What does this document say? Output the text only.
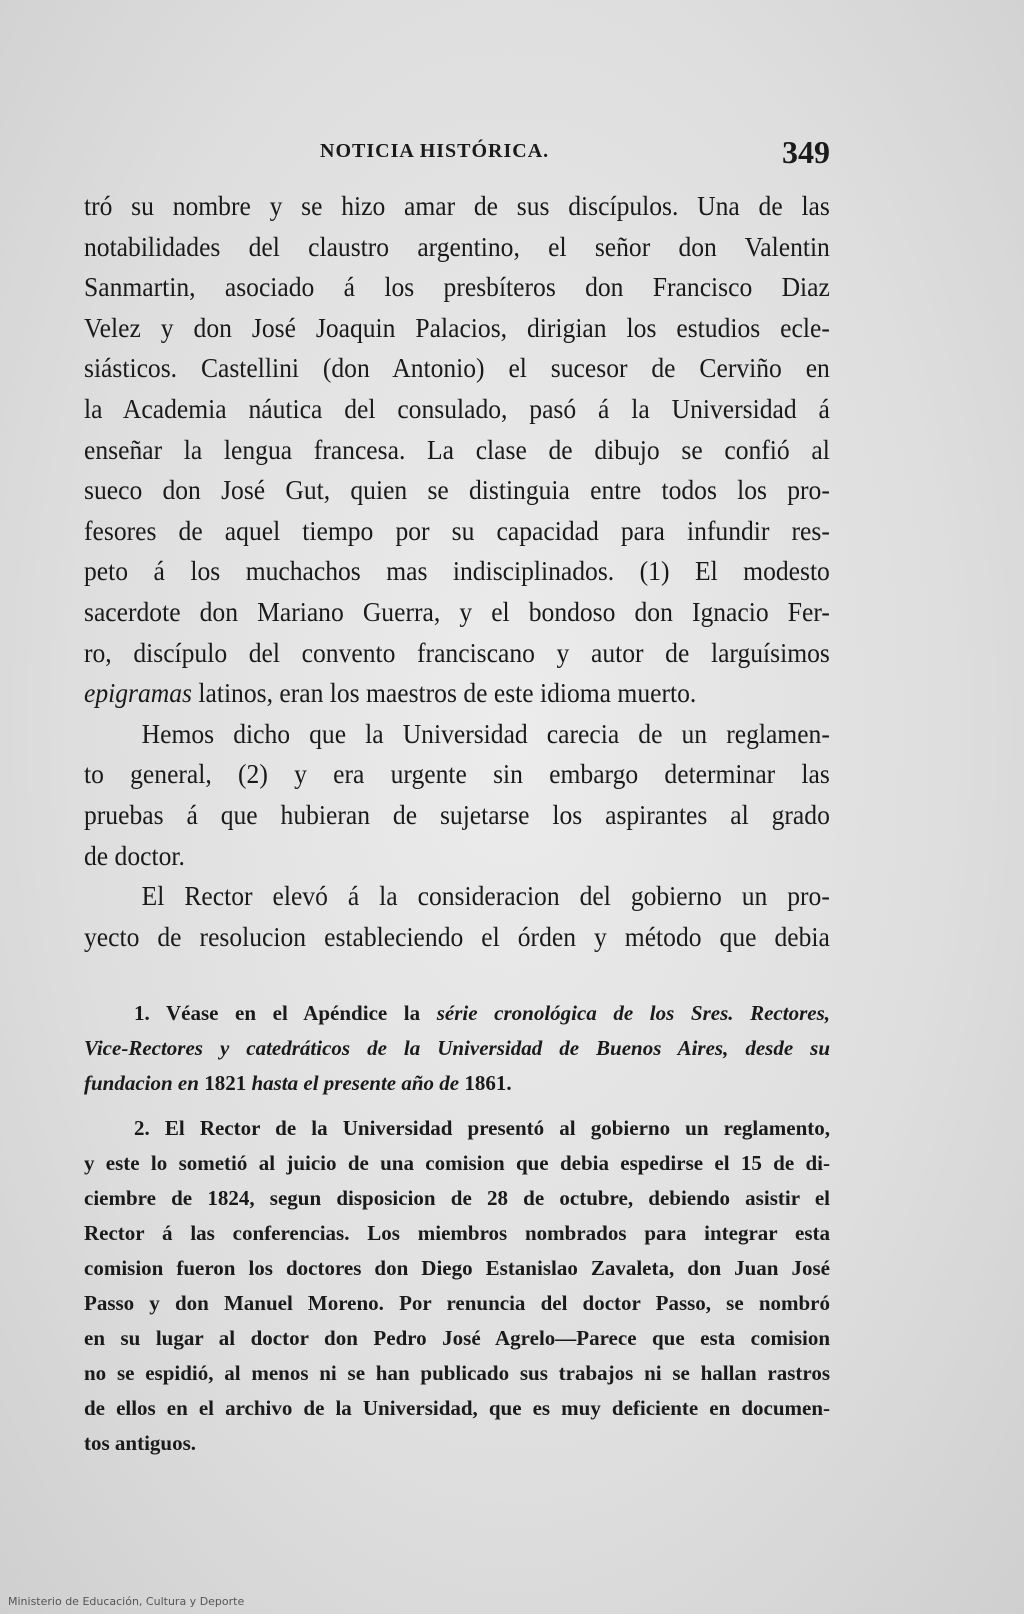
NOTICIA HISTÓRICA.	349
tró su nombre y se hizo amar de sus discípulos. Una de las
notabilidades del claustro argentino, el señor don Valentin
Sanmartin, asociado á los presbíteros don Francisco Diaz
Velez y don José Joaquin Palacios, dirigian los estudios ecle-
siásticos. Castellini (don Antonio) el sucesor de Cerviño en
la Academia náutica del consulado, pasó á la Universidad á
enseñar la lengua francesa. La clase de dibujo se confió al
sueco don José Gut, quien se distinguia entre todos los pro-
fesores de aquel tiempo por su capacidad para infundir res-
peto á los muchachos mas indisciplinados. (1) El modesto
sacerdote don Mariano Guerra, y el bondoso don Ignacio Fer-
ro, discípulo del convento franciscano y autor de larguísimos
epigramas latinos, eran los maestros de este idioma muerto.
Hemos dicho que la Universidad carecia de un reglamen-
to general, (2) y era urgente sin embargo determinar las
pruebas á que hubieran de sujetarse los aspirantes al grado
de doctor.
El Rector elevó á la consideracion del gobierno un pro-
yecto de resolucion estableciendo el órden y método que debia
1. Véase en el Apéndice la série cronológica de los Sres. Rectores,
Vice-Rectores y catedráticos de la Universidad de Buenos Aires, desde su
fundacion en 1821 hasta el presente año de 1861.
2. El Rector de la Universidad presentó al gobierno un reglamento,
y este lo sometió al juicio de una comision que debia espedirse el 15 de di-
ciembre de 1824, segun disposicion de 28 de octubre, debiendo asistir el
Rector á las conferencias. Los miembros nombrados para integrar esta
comision fueron los doctores don Diego Estanislao Zavaleta, don Juan José
Passo y don Manuel Moreno. Por renuncia del doctor Passo, se nombró
en su lugar al doctor don Pedro José Agrelo—Parece que esta comision
no se espidió, al menos ni se han publicado sus trabajos ni se hallan rastros
de ellos en el archivo de la Universidad, que es muy deficiente en documen-
tos antiguos.
Ministerio de Educación, Cultura y Deporte
